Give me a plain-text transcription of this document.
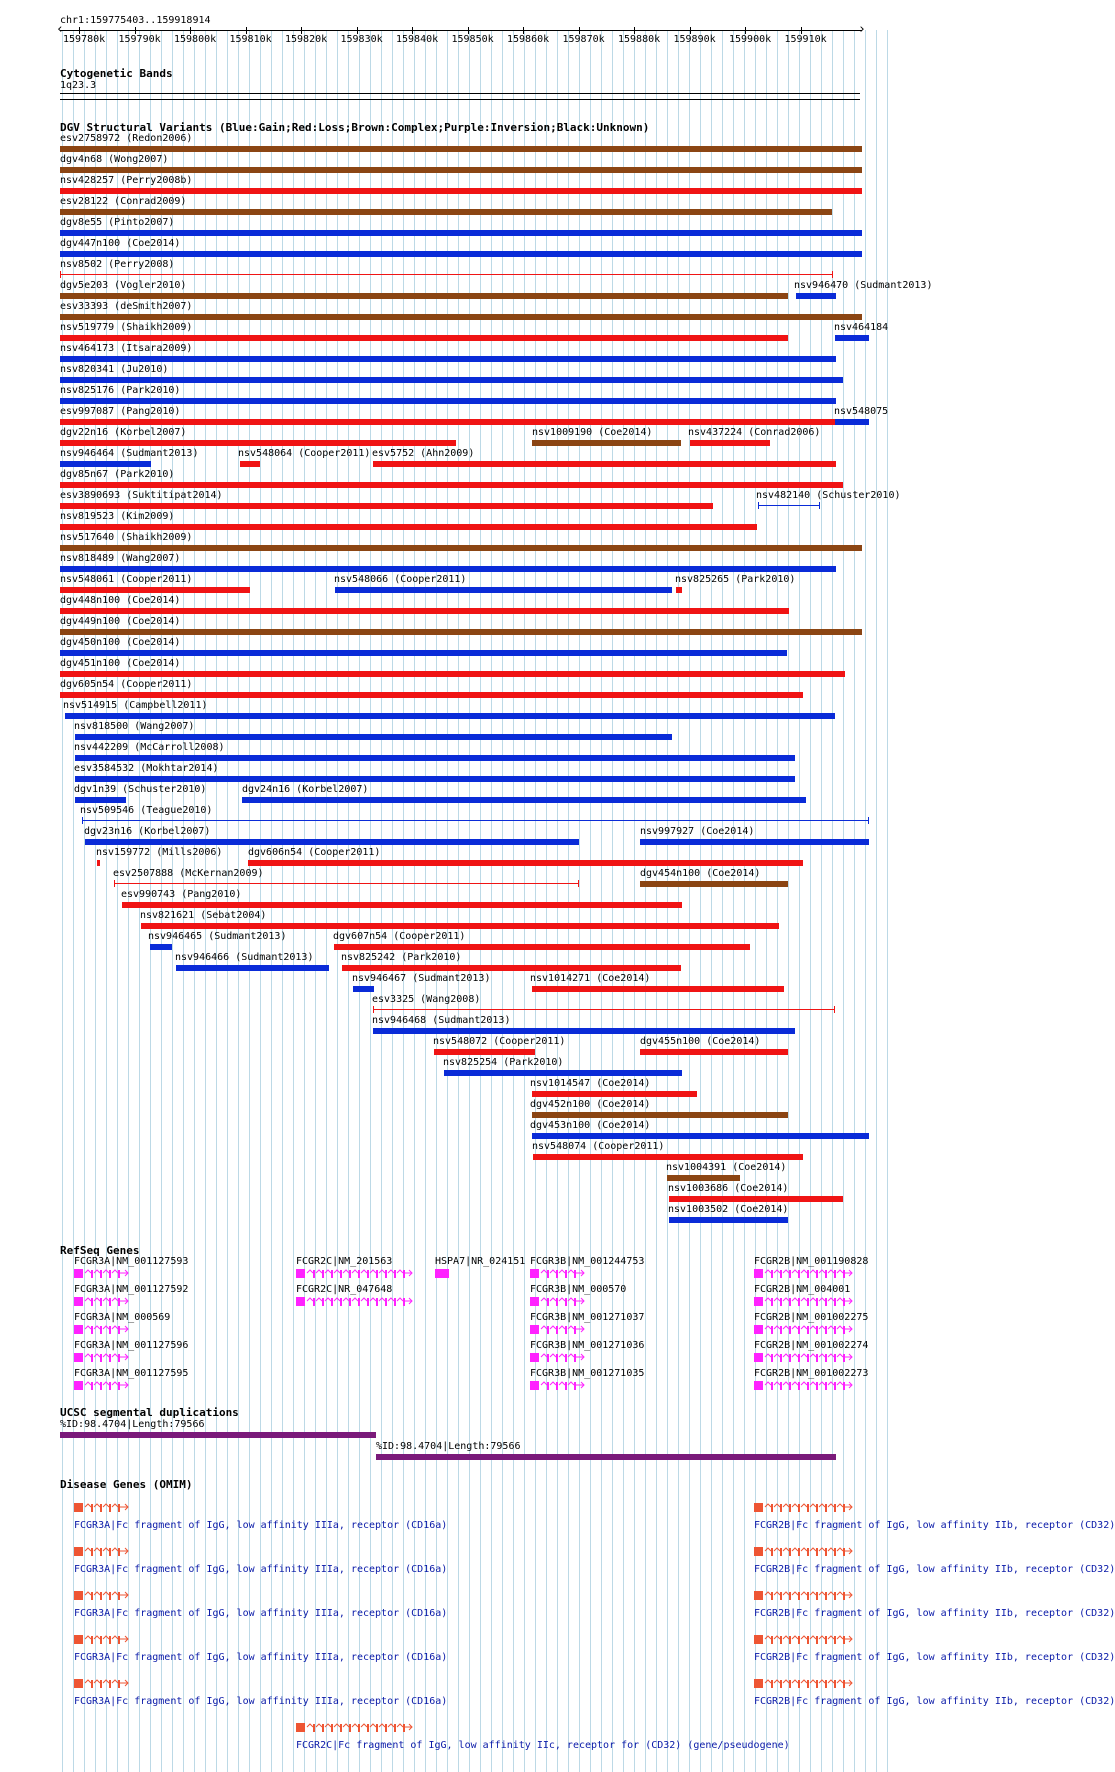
chr1:159775403..159918914
‹	›
159780k 159790k 159800k 159810k 159820k 159830k 159840k 159850k 159860k 159870k 159880k 159890k 159900k 159910k
Cytogenetic Bands
1q23.3
DGV Structural Variants (Blue:Gain;Red:Loss;Brown:Complex;Purple:Inversion;Black:Unknown)
esv2758972 (Redon2006)
dgv4n68 (Wong2007)
nsv428257 (Perry2008b)
esv28122 (Conrad2009)
dgv8e55 (Pinto2007)
dgv447n100 (Coe2014)
nsv8502 (Perry2008)
dgv5e203 (Vogler2010)	nsv946470 (Sudmant2013)
esv33393 (deSmith2007)
nsv519779 (Shaikh2009)	nsv464184
nsv464173 (Itsara2009)
nsv820341 (Ju2010)
nsv825176 (Park2010)
esv997087 (Pang2010)	nsv548075
dgv22n16 (Korbel2007)	nsv1009190 (Coe2014)	nsv437224 (Conrad2006)
nsv946464 (Sudmant2013)	nsv548064 (Cooper2011) esv5752 (Ahn2009)
dgv85n67 (Park2010)
esv3890693 (Suktitipat2014)	nsv482140 (Schuster2010)
nsv819523 (Kim2009)
nsv517640 (Shaikh2009)
nsv818489 (Wang2007)
nsv548061 (Cooper2011)	nsv548066 (Cooper2011)	nsv825265 (Park2010)
dgv448n100 (Coe2014)
dgv449n100 (Coe2014)
dgv450n100 (Coe2014)
dgv451n100 (Coe2014)
dgv605n54 (Cooper2011)
nsv514915 (Campbell2011)
nsv818500 (Wang2007)
nsv442209 (McCarroll2008)
esv3584532 (Mokhtar2014)
dgv1n39 (Schuster2010)	dgv24n16 (Korbel2007)
nsv509546 (Teague2010)
dgv23n16 (Korbel2007)	nsv997927 (Coe2014)
nsv159772 (Mills2006)	dgv606n54 (Cooper2011)
esv2507888 (McKernan2009)	dgv454n100 (Coe2014)
esv990743 (Pang2010)
nsv821621 (Sebat2004)
nsv946465 (Sudmant2013)	dgv607n54 (Cooper2011)
nsv946466 (Sudmant2013)	nsv825242 (Park2010)
nsv946467 (Sudmant2013)	nsv1014271 (Coe2014)
esv3325 (Wang2008)
nsv946468 (Sudmant2013)
nsv548072 (Cooper2011)	dgv455n100 (Coe2014)
nsv825254 (Park2010)
nsv1014547 (Coe2014)
dgv452n100 (Coe2014)
dgv453n100 (Coe2014)
nsv548074 (Cooper2011)
nsv1004391 (Coe2014)
nsv1003686 (Coe2014)
nsv1003502 (Coe2014)
RefSeq Genes
FCGR3A|NM_001127593
FCGR3A|NM_001127592
FCGR3A|NM_000569
FCGR3A|NM_001127596
FCGR3A|NM_001127595
FCGR2C|NM_201563
FCGR2C|NR_047648
HSPA7|NR_024151 FCGR3B|NM_001244753
FCGR3B|NM_000570
FCGR3B|NM_001271037
FCGR3B|NM_001271036
FCGR3B|NM_001271035
FCGR2B|NM_001190828
FCGR2B|NM_004001
FCGR2B|NM_001002275
FCGR2B|NM_001002274
FCGR2B|NM_001002273
UCSC segmental duplications
%ID:98.4704|Length:79566
%ID:98.4704|Length:79566
Disease Genes (OMIM)
FCGR3A|Fc fragment of IgG, low affinity IIIa, receptor (CD16a)	FCGR2B|Fc fragment of IgG, low affinity IIb, receptor (CD32)
FCGR3A|Fc fragment of IgG, low affinity IIIa, receptor (CD16a)	FCGR2B|Fc fragment of IgG, low affinity IIb, receptor (CD32)
FCGR3A|Fc fragment of IgG, low affinity IIIa, receptor (CD16a)	FCGR2B|Fc fragment of IgG, low affinity IIb, receptor (CD32)
FCGR3A|Fc fragment of IgG, low affinity IIIa, receptor (CD16a)	FCGR2B|Fc fragment of IgG, low affinity IIb, receptor (CD32)
FCGR3A|Fc fragment of IgG, low affinity IIIa, receptor (CD16a)	FCGR2B|Fc fragment of IgG, low affinity IIb, receptor (CD32)
FCGR2C|Fc fragment of IgG, low affinity IIc, receptor for (CD32) (gene/pseudogene)
